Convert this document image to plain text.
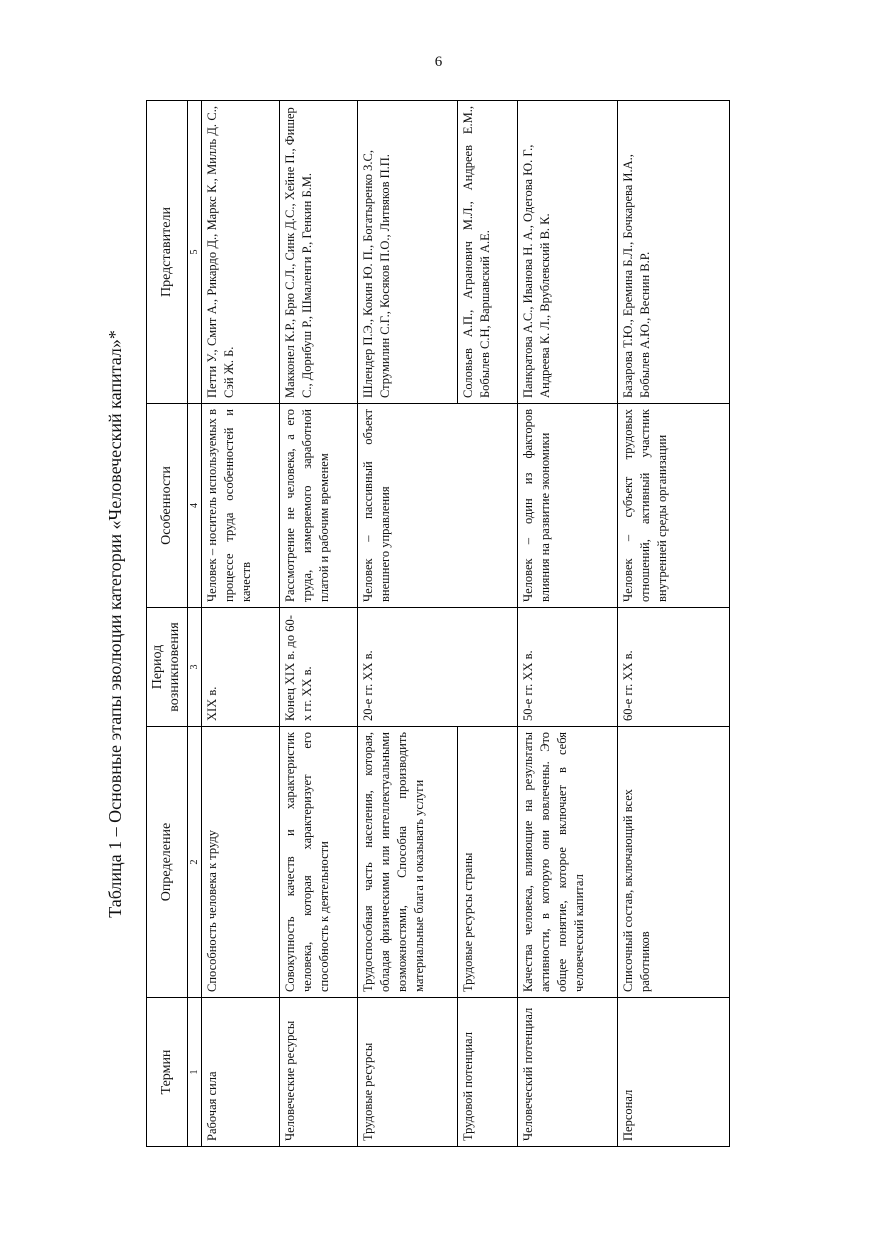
6
Таблица 1 – Основные этапы эволюции категории «Человеческий капитал»*
Термин	Определение	Период возникновения	Особенности	Представители
1	2	3	4	5
Рабочая сила	Способность человека к труду	XIX в.	Человек – носитель используемых в процессе труда особенностей и качеств	Петти У., Смит А., Рикардо Д., Маркс К., Милль Д. С., Сэй Ж. Б.
Человеческие ресурсы	Совокупность качеств и характеристик человека, которая характеризует его способность к деятельности	Конец XIX в. до 60-х гг. XX в.	Рассмотрение не человека, а его труда, измеряемого заработной платой и рабочим временем	Макконел К.Р., Брю С.Л., Синк Д.С., Хейне П., Фишер С., Дорнбуш Р., Шмаленги Р., Генкин Б.М.
Трудовые ресурсы	Трудоспособная часть населения, которая, обладая физическими или интеллектуальными возможностями, Способна производить материальные блага и оказывать услуги	20-е гг. XX в.	Человек – пассивный объект внешнего управления	Шлендер П.Э., Кокин Ю. П., Богатыренко З.С, Струмилин С.Г., Косяков П.О., Литвяков П.П.
Трудовой потенциал	Трудовые ресурсы страны			Соловьев А.П., Агранович М.Л., Андреев Е.М., Бобылев С.Н, Варшавский А.Е.
Человеческий потенциал	Качества человека, влияющие на результаты активности, в которую они вовлечены. Это общее понятие, которое включает в себя человеческий капитал	50-е гг. XX в.	Человек – один из факторов влияния на развитие экономики	Панкратова А.С., Иванова Н. А., Одегова Ю. Г., Андреева К. Л., Врублевский В. К.
Персонал	Списочный состав, включающий всех работников	60-е гг. XX в.	Человек – субъект трудовых отношений, активный участник внутренней среды организации	Базарова Т.Ю., Еремина Б.Л., Бочкарева И.А., Бобылев А.Ю., Веснин В.Р.
